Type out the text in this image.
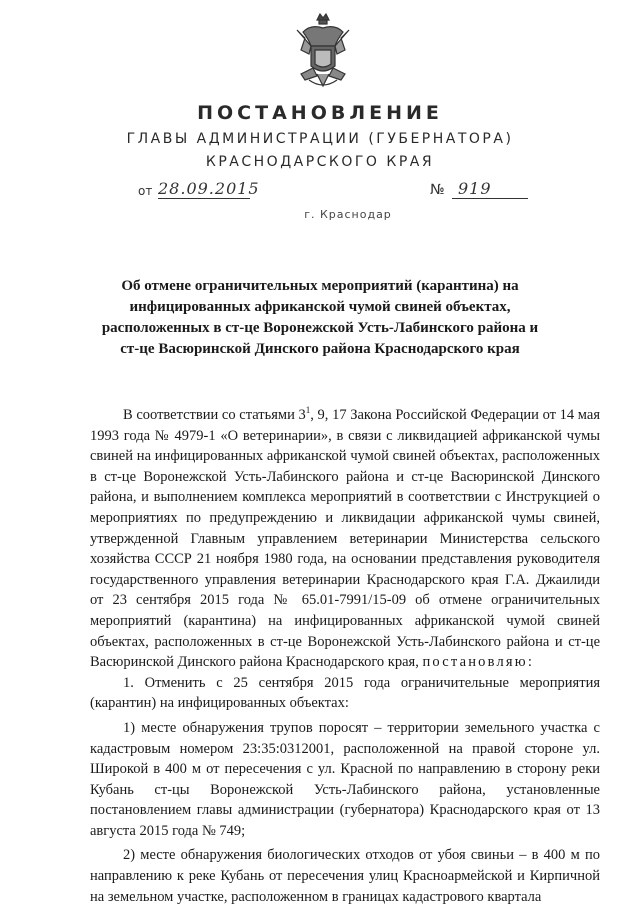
ПОСТАНОВЛЕНИЕ
ГЛАВЫ АДМИНИСТРАЦИИ (ГУБЕРНАТОРА)
КРАСНОДАРСКОГО КРАЯ
от 28.09.2015	№ 919
г. Краснодар
Об отмене ограничительных мероприятий (карантина) на
инфицированных африканской чумой свиней объектах,
расположенных в ст-це Воронежской Усть-Лабинского района и
ст-це Васюринской Динского района Краснодарского края

В соответствии со статьями $3^1$, 9, 17 Закона Российской Федерации от 14 мая 1993 года № 4979-1 «О ветеринарии», в связи с ликвидацией африканской чумы свиней на инфицированных африканской чумой свиней объектах, расположенных в ст-це Воронежской Усть-Лабинского района и ст-це Васюринской Динского района, и выполнением комплекса мероприятий в соответствии с Инструкцией о мероприятиях по предупреждению и ликвидации африканской чумы свиней, утвержденной Главным управлением ветеринарии Министерства сельского хозяйства СССР 21 ноября 1980 года, на основании представления руководителя государственного управления ветеринарии Краснодарского края Г.А. Джаилиди от 23 сентября 2015 года № 65.01-7991/15-09 об отмене ограничительных мероприятий (карантина) на инфицированных африканской чумой свиней объектах, расположенных в ст-це Воронежской Усть-Лабинского района и ст-це Васюринской Динского района Краснодарского края, постановляю:

1. Отменить с 25 сентября 2015 года ограничительные мероприятия (карантин) на инфицированных объектах:

1) месте обнаружения трупов поросят – территории земельного участка с кадастровым номером 23:35:0312001, расположенной на правой стороне ул. Широкой в 400 м от пересечения с ул. Красной по направлению в сторону реки Кубань ст-цы Воронежской Усть-Лабинского района, установленные постановлением главы администрации (губернатора) Краснодарского края от 13 августа 2015 года № 749;

2) месте обнаружения биологических отходов от убоя свиньи – в 400 м по направлению к реке Кубань от пересечения улиц Красноармейской и Кирпичной на земельном участке, расположенном в границах кадастрового квартала
